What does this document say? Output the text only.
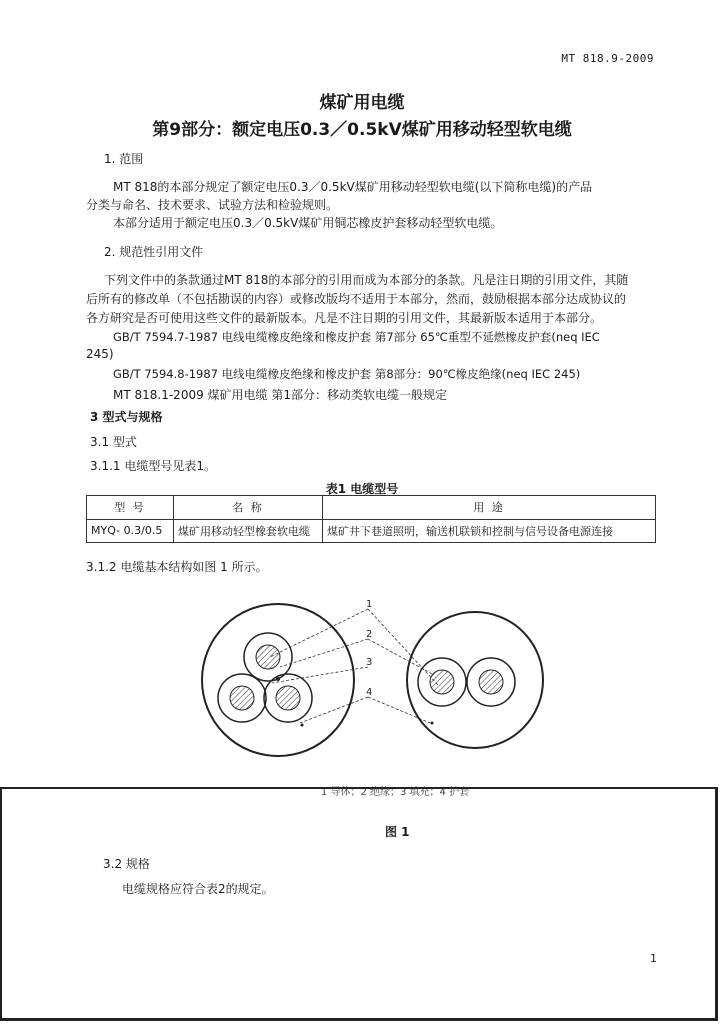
MT 818.9-2009
煤矿用电缆
第9部分：额定电压0.3／0.5kV煤矿用移动轻型软电缆
1. 范围
MT 818的本部分规定了额定电压0.3／0.5kV煤矿用移动轻型软电缆(以下简称电缆)的产品
分类与命名、技术要求、试验方法和检验规则。
本部分适用于额定电压0.3／0.5kV煤矿用铜芯橡皮护套移动轻型软电缆。
2. 规范性引用文件
下列文件中的条款通过MT 818的本部分的引用而成为本部分的条款。凡是注日期的引用文件，其随
后所有的修改单（不包括勘误的内容）或修改版均不适用于本部分，然而，鼓励根据本部分达成协议的
各方研究是否可使用这些文件的最新版本。凡是不注日期的引用文件，其最新版本适用于本部分。
GB/T 7594.7-1987 电线电缆橡皮绝缘和橡皮护套 第7部分 65℃重型不延燃橡皮护套(neq IEC
245)
GB/T 7594.8-1987 电线电缆橡皮绝缘和橡皮护套 第8部分：90℃橡皮绝缘(neq IEC 245)
MT 818.1-2009 煤矿用电缆 第1部分：移动类软电缆一般规定
3 型式与规格
3.1 型式
3.1.1 电缆型号见表1。
表1 电缆型号
型 号	名 称	用 途
MYQ- 0.3/0.5	煤矿用移动轻型橡套软电缆	煤矿井下巷道照明，输送机联锁和控制与信号设备电源连接
3.1.2 电缆基本结构如图 1 所示。
1
2
3
4
1 导体；2 绝缘；3 填充；4 护套
图 1
3.2 规格
电缆规格应符合表2的规定。
1
